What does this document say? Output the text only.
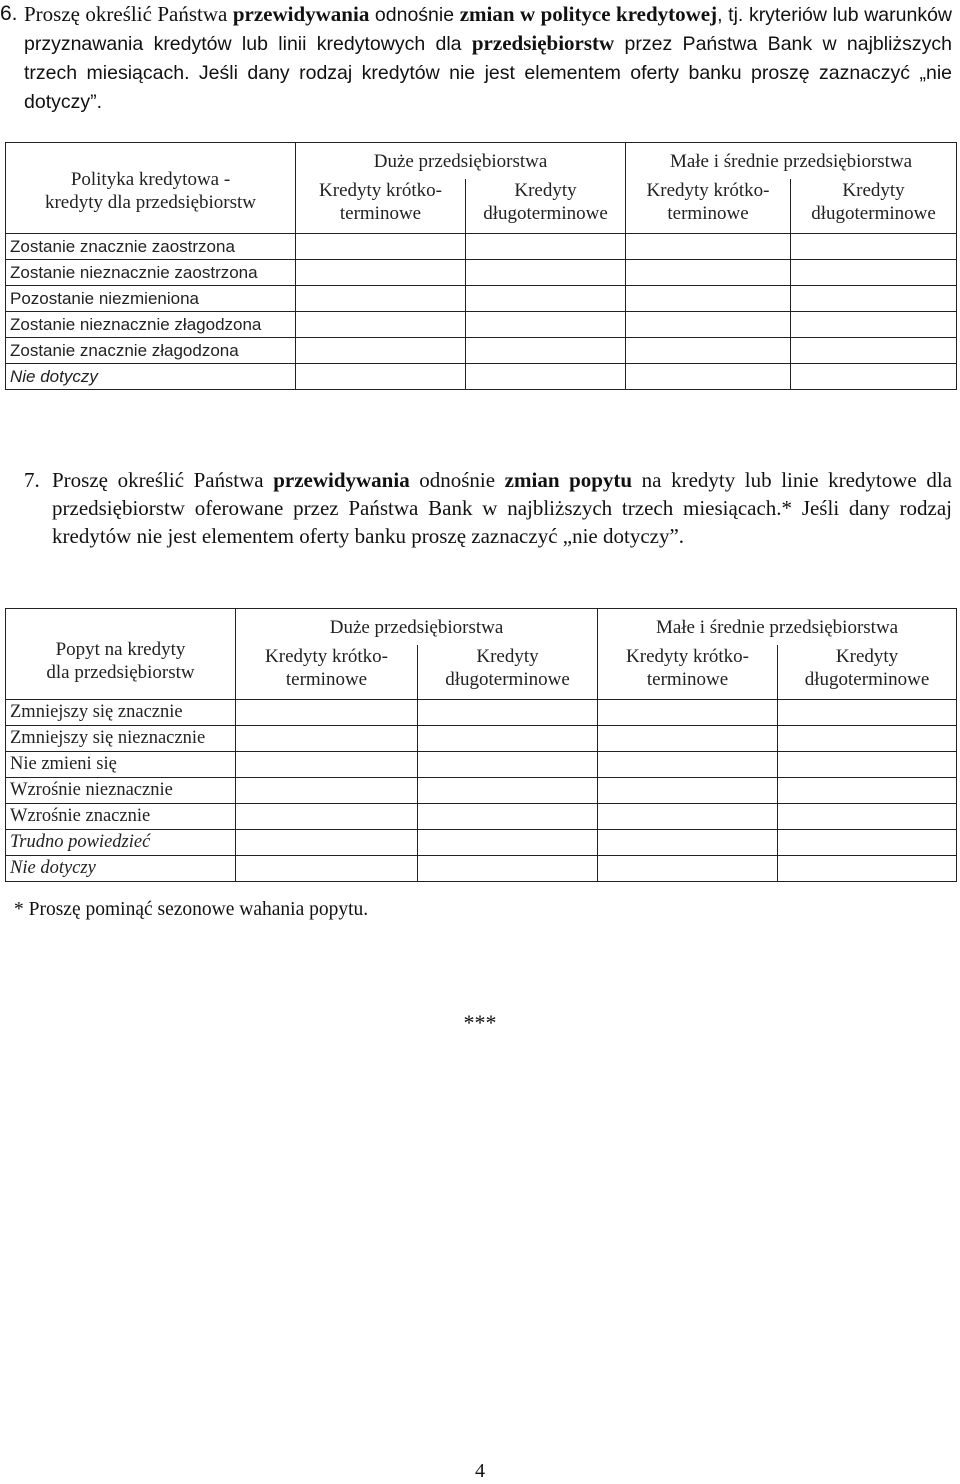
6. Proszę określić Państwa przewidywania odnośnie zmian w polityce kredytowej, tj. kryteriów lub warunków przyznawania kredytów lub linii kredytowych dla przedsiębiorstw przez Państwa Bank w najbliższych trzech miesiącach. Jeśli dany rodzaj kredytów nie jest elementem oferty banku proszę zaznaczyć „nie dotyczy”.
Polityka kredytowa -
kredyty dla przedsiębiorstw	Duże przedsiębiorstwa		Małe i średnie przedsiębiorstwa	
	Kredyty krótko-terminowe	Kredyty długoterminowe	Kredyty krótko-terminowe	Kredyty długoterminowe
Zostanie znacznie zaostrzona				
Zostanie nieznacznie zaostrzona				
Pozostanie niezmieniona				
Zostanie nieznacznie złagodzona				
Zostanie znacznie złagodzona				
Nie dotyczy				
7. Proszę określić Państwa przewidywania odnośnie zmian popytu na kredyty lub linie kredytowe dla przedsiębiorstw oferowane przez Państwa Bank w najbliższych trzech miesiącach.* Jeśli dany rodzaj kredytów nie jest elementem oferty banku proszę zaznaczyć „nie dotyczy”.
Popyt na kredyty
dla przedsiębiorstw	Duże przedsiębiorstwa		Małe i średnie przedsiębiorstwa	
	Kredyty krótko-terminowe	Kredyty długoterminowe	Kredyty krótko-terminowe	Kredyty długoterminowe
Zmniejszy się znacznie				
Zmniejszy się nieznacznie				
Nie zmieni się				
Wzrośnie nieznacznie				
Wzrośnie znacznie				
Trudno powiedzieć				
Nie dotyczy				
* Proszę pominąć sezonowe wahania popytu.
***
4
